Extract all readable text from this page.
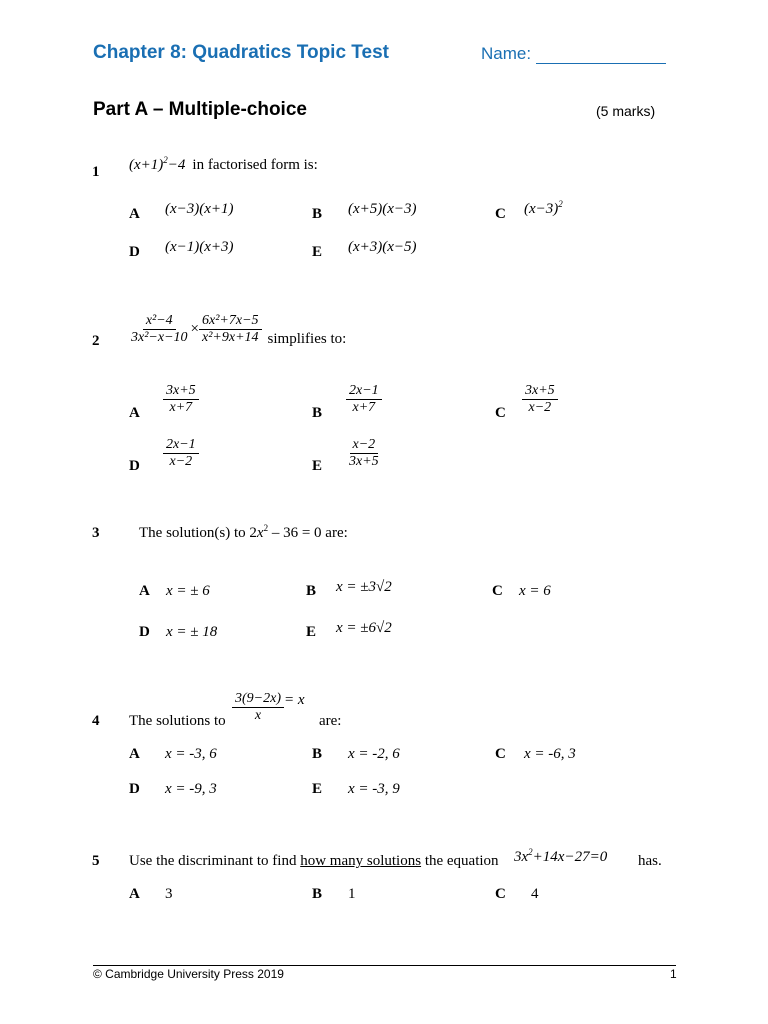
Chapter 8: Quadratics Topic Test	Name:
Part A – Multiple-choice	(5 marks)
1 $(x+1)^2-4$ in factorised form is:
A (x−3)(x+1)	B (x+5)(x−3)	C $(x-3)^2$
D (x−1)(x+3)	E (x+3)(x−5)
$2 \frac{\text{x²−4}}{\text{3x²−x−10}} \times \frac{\text{6x²+7x−5}}{\text{x²+9x+14}}$ simplifies to:
A $\frac{3x+5}{x+7}$	B $\frac{2x-1}{x+7}$	C $\frac{3x+5}{x-2}$
D $\frac{2x-1}{x-2}$	E $\frac{x-2}{3x+5}$
3	The solution(s) to $2x^2 - 36 = 0$ are:
A x = ± 6	B x = ±3√2	C x = 6
D x = ± 18	E x = ±6√2
4 The solutions to $\frac{3(9-2x)}{x} = x$
are:
A x = -3, 6	B x = -2, 6	C x = -6, 3
D x = -9, 3	E x = -3, 9
5 Use the discriminant to find how many solutions the equation $3x^2+14x-27=0$ has.
A 3	B 1	C 4
© Cambridge University Press 2019	1
